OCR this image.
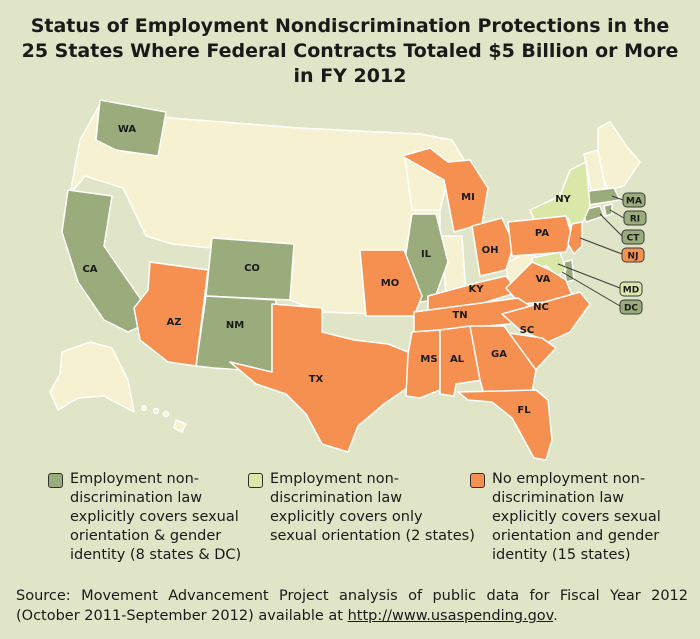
Status of Employment Nondiscrimination Protections in the
25 States Where Federal Contracts Totaled $5 Billion or More
in FY 2012
WA
CA	CO
NM
IL
AZ
TX
MO
MI
OH
PA
KY
VA
TN
NC
SC
MS AL	GA
FL
NY	MA
RI
CT
NJ
MD
DC
Employment non-
discrimination law
explicitly covers sexual
orientation & gender
identity (8 states & DC)
Employment non-
discrimination law
explicitly covers only
sexual orientation (2 states)
No employment non-
discrimination law
explicitly covers sexual
orientation and gender
identity (15 states)
Source: Movement Advancement Project analysis of public data for Fiscal Year 2012 (October 2011-September 2012) available at http://www.usaspending.gov.
